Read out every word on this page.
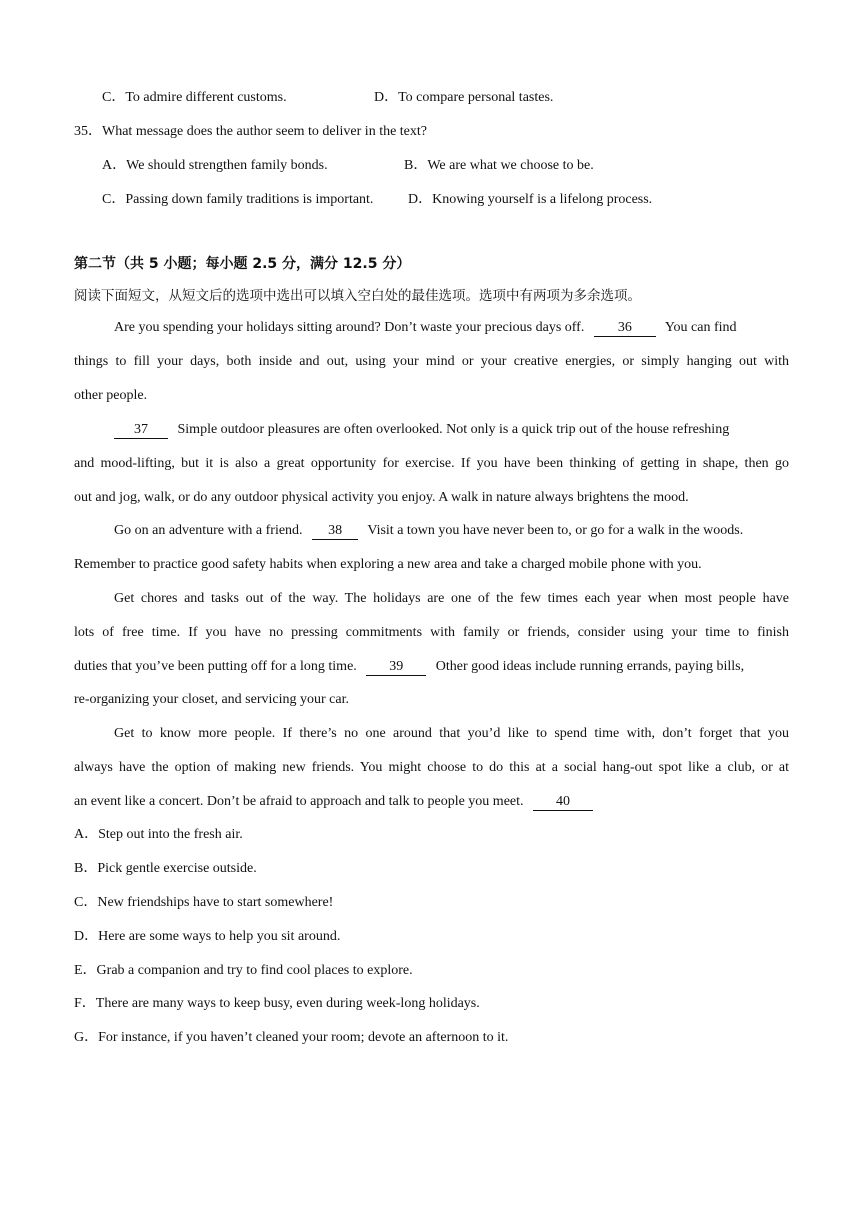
C．To admire different customs.	D．To compare personal tastes.
35．What message does the author seem to deliver in the text?
A．We should strengthen family bonds.	B．We are what we choose to be.
C．Passing down family traditions is important. D．Knowing yourself is a lifelong process.
第二节（共 5 小题；每小题 2.5 分，满分 12.5 分）
阅读下面短文，从短文后的选项中选出可以填入空白处的最佳选项。选项中有两项为多余选项。
Are you spending your holidays sitting around? Don’t waste your precious days off. 36 You can find
things to fill your days, both inside and out, using your mind or your creative energies, or simply hanging out with
other people.
37 Simple outdoor pleasures are often overlooked. Not only is a quick trip out of the house refreshing
and mood-lifting, but it is also a great opportunity for exercise. If you have been thinking of getting in shape, then go
out and jog, walk, or do any outdoor physical activity you enjoy. A walk in nature always brightens the mood.
Go on an adventure with a friend. 38 Visit a town you have never been to, or go for a walk in the woods.
Remember to practice good safety habits when exploring a new area and take a charged mobile phone with you.
Get chores and tasks out of the way. The holidays are one of the few times each year when most people have
lots of free time. If you have no pressing commitments with family or friends, consider using your time to finish
duties that you’ve been putting off for a long time. 39 Other good ideas include running errands, paying bills,
re-organizing your closet, and servicing your car.
Get to know more people. If there’s no one around that you’d like to spend time with, don’t forget that you
always have the option of making new friends. You might choose to do this at a social hang-out spot like a club, or at
an event like a concert. Don’t be afraid to approach and talk to people you meet. 40
A．Step out into the fresh air.
B．Pick gentle exercise outside.
C．New friendships have to start somewhere!
D．Here are some ways to help you sit around.
E．Grab a companion and try to find cool places to explore.
F．There are many ways to keep busy, even during week-long holidays.
G．For instance, if you haven’t cleaned your room; devote an afternoon to it.
